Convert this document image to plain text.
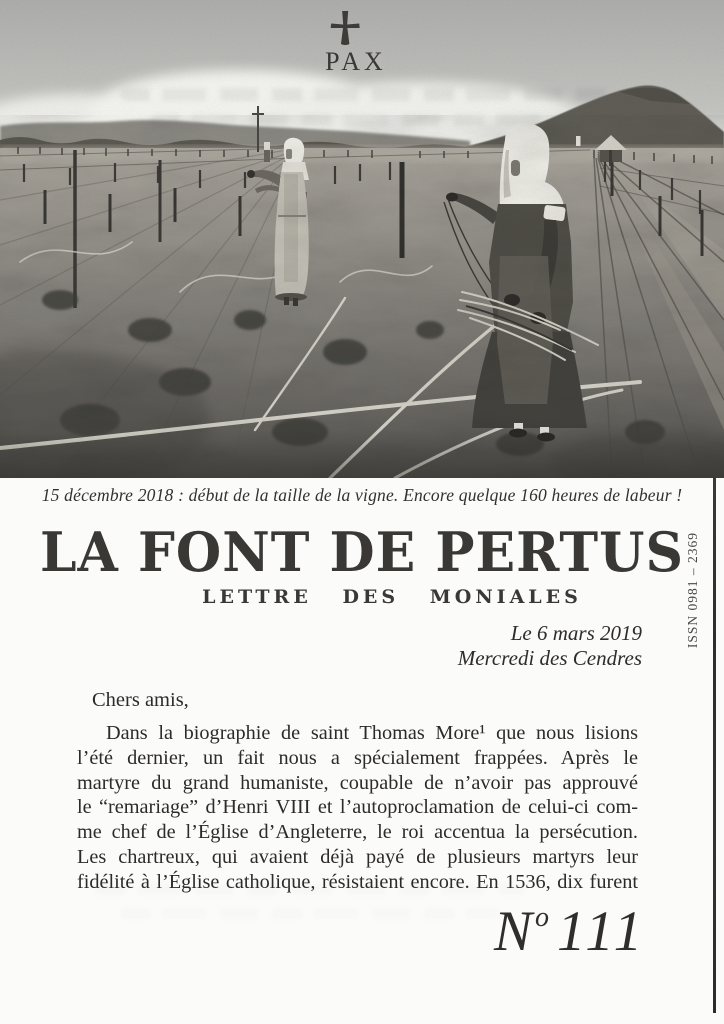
PAX
15 décembre 2018 : début de la taille de la vigne. Encore quelque 160 heures de labeur !
LA FONT DE PERTUS
LETTRE DES MONIALES	ISSN 0981 – 2369
Le 6 mars 2019
Mercredi des Cendres
Chers amis,
Dans la biographie de saint Thomas More¹ que nous lisions
l’été dernier, un fait nous a spécialement frappées. Après le
martyre du grand humaniste, coupable de n’avoir pas approuvé
le “remariage” d’Henri VIII et l’autoproclamation de celui-ci com-
me chef de l’Église d’Angleterre, le roi accentua la persécution.
Les chartreux, qui avaient déjà payé de plusieurs martyrs leur
fidélité à l’Église catholique, résistaient encore. En 1536, dix furent
$N^o$ 111
